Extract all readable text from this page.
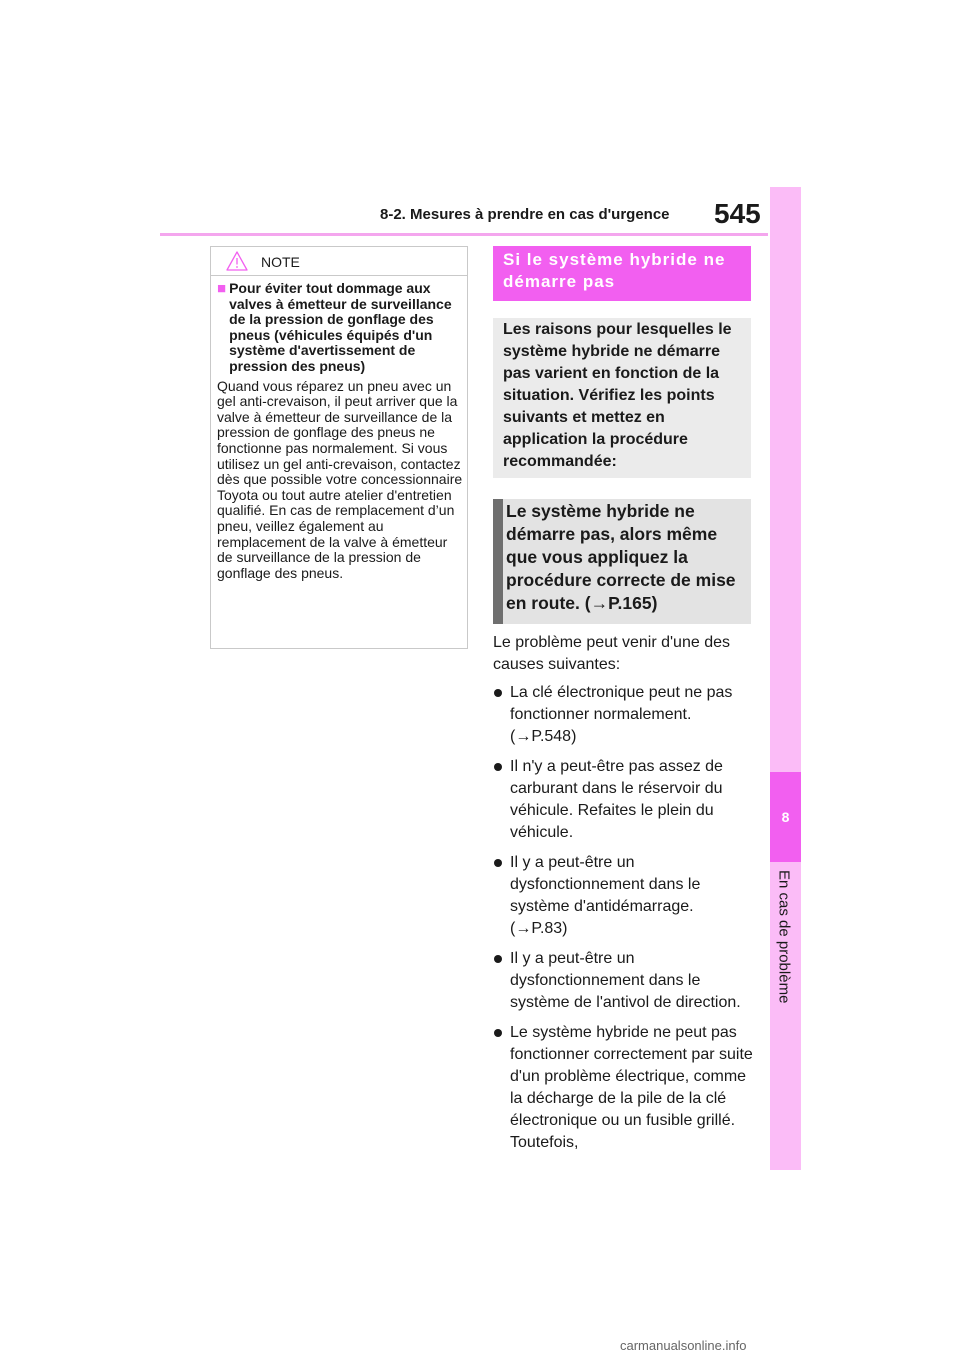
8-2. Mesures à prendre en cas d'urgence 545
8
En cas de problème
NOTE
■ Pour éviter tout dommage aux valves à émetteur de surveillance de la pression de gonflage des pneus (véhicules équipés d'un système d'avertissement de pression des pneus)
Quand vous réparez un pneu avec un gel anti-crevaison, il peut arriver que la valve à émetteur de surveillance de la pression de gonflage des pneus ne fonctionne pas normalement. Si vous utilisez un gel anti-crevaison, contactez dès que possible votre concessionnaire Toyota ou tout autre atelier d'entretien qualifié. En cas de remplacement d’un pneu, veillez également au remplacement de la valve à émetteur de surveillance de la pression de gonflage des pneus.
Si le système hybride ne démarre pas
Les raisons pour lesquelles le système hybride ne démarre pas varient en fonction de la situation. Vérifiez les points suivants et mettez en application la procédure recommandée:
Le système hybride ne démarre pas, alors même que vous appliquez la procédure correcte de mise en route. (→P.165)
Le problème peut venir d'une des causes suivantes:
La clé électronique peut ne pas fonctionner normalement. (→P.548)
Il n'y a peut-être pas assez de carburant dans le réservoir du véhicule. Refaites le plein du véhicule.
Il y a peut-être un dysfonctionnement dans le système d'antidémarrage. (→P.83)
Il y a peut-être un dysfonctionnement dans le système de l'antivol de direction.
Le système hybride ne peut pas fonctionner correctement par suite d'un problème électrique, comme la décharge de la pile de la clé électronique ou un fusible grillé. Toutefois,
carmanualsonline.info
